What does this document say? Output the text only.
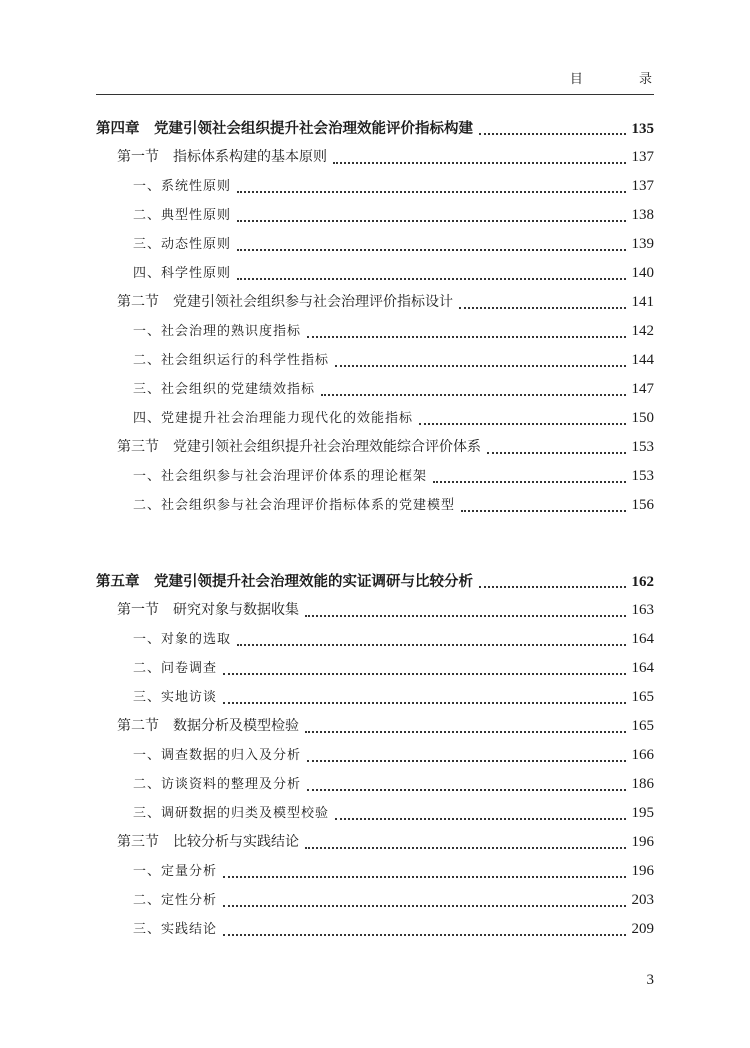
目 录
第四章　党建引领社会组织提升社会治理效能评价指标构建	135
第一节　指标体系构建的基本原则	137
一、系统性原则	137
二、典型性原则	138
三、动态性原则	139
四、科学性原则	140
第二节　党建引领社会组织参与社会治理评价指标设计	141
一、社会治理的熟识度指标	142
二、社会组织运行的科学性指标	144
三、社会组织的党建绩效指标	147
四、党建提升社会治理能力现代化的效能指标	150
第三节　党建引领社会组织提升社会治理效能综合评价体系	153
一、社会组织参与社会治理评价体系的理论框架	153
二、社会组织参与社会治理评价指标体系的党建模型	156
第五章　党建引领提升社会治理效能的实证调研与比较分析	162
第一节　研究对象与数据收集	163
一、对象的选取	164
二、问卷调查	164
三、实地访谈	165
第二节　数据分析及模型检验	165
一、调查数据的归入及分析	166
二、访谈资料的整理及分析	186
三、调研数据的归类及模型校验	195
第三节　比较分析与实践结论	196
一、定量分析	196
二、定性分析	203
三、实践结论	209
3
